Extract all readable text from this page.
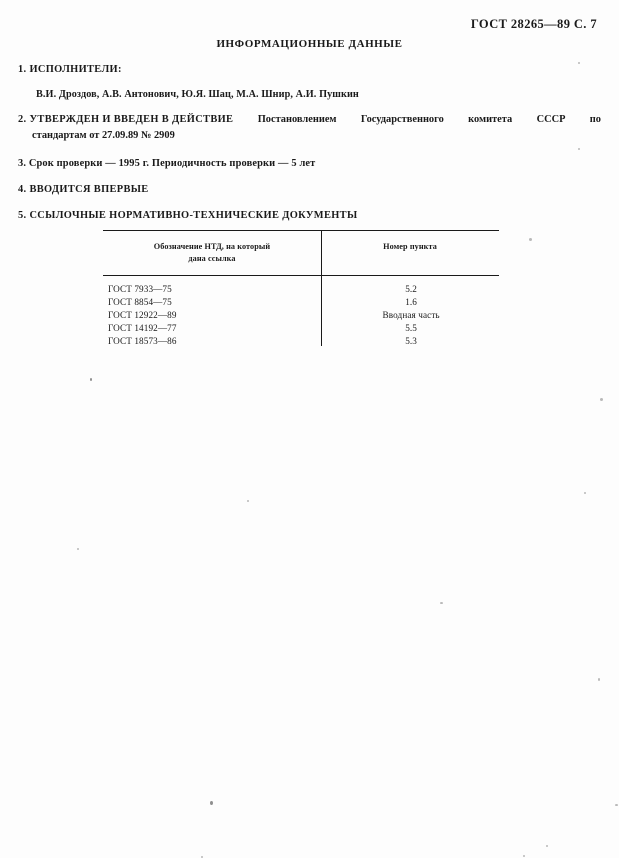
ГОСТ 28265—89 С. 7
ИНФОРМАЦИОННЫЕ ДАННЫЕ
1. ИСПОЛНИТЕЛИ:
В.И. Дроздов, А.В. Антонович, Ю.Я. Шац, М.А. Шнир, А.И. Пушкин
2. УТВЕРЖДЕН И ВВЕДЕН В ДЕЙСТВИЕ Постановлением Государственного комитета СССР по
стандартам от 27.09.89 № 2909
3. Срок проверки — 1995 г. Периодичность проверки — 5 лет
4. ВВОДИТСЯ ВПЕРВЫЕ
5. ССЫЛОЧНЫЕ НОРМАТИВНО-ТЕХНИЧЕСКИЕ ДОКУМЕНТЫ
Обозначение НТД, на который
дана ссылка
Номер пункта
ГОСТ 7933—75
ГОСТ 8854—75
ГОСТ 12922—89
ГОСТ 14192—77
ГОСТ 18573—86
5.2
1.6
Вводная часть
5.5
5.3
